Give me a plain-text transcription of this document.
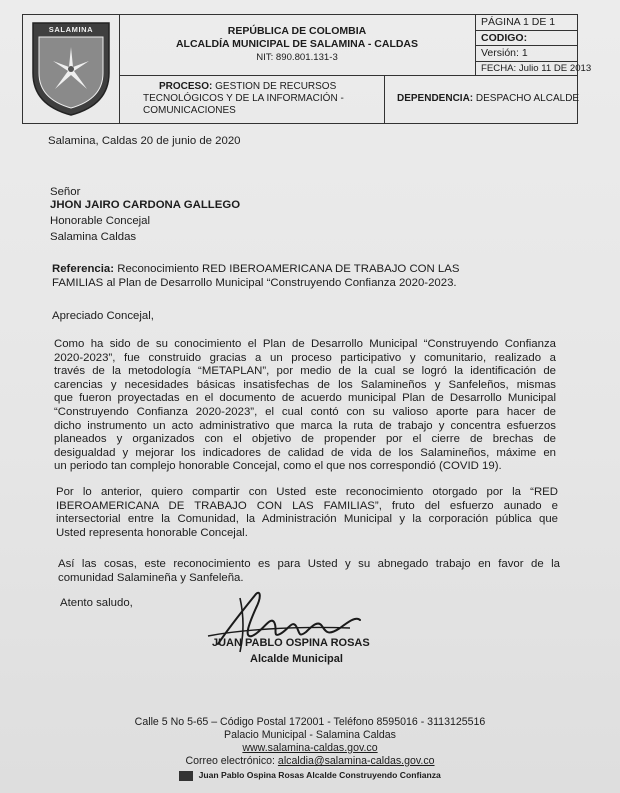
SALAMINA	REPÚBLICA DE COLOMBIA
ALCALDÍA MUNICIPAL DE SALAMINA - CALDAS
NIT: 890.801.131-3
PÁGINA 1 DE 1
CODIGO:
Versión: 1
FECHA: Julio 11 DE 2013
PROCESO: GESTION DE RECURSOS
TECNOLÓGICOS Y DE LA INFORMACIÓN -
COMUNICACIONES
DEPENDENCIA: DESPACHO ALCALDE
Salamina, Caldas 20 de junio de 2020
Señor
JHON JAIRO CARDONA GALLEGO
Honorable Concejal
Salamina Caldas
Referencia: Reconocimiento RED IBEROAMERICANA DE TRABAJO CON LAS
FAMILIAS al Plan de Desarrollo Municipal “Construyendo Confianza 2020-2023.
Apreciado Concejal,
Como ha sido de su conocimiento el Plan de Desarrollo Municipal “Construyendo Confianza
2020-2023”, fue construido gracias a un proceso participativo y comunitario, realizado a
través de la metodología “METAPLAN”, por medio de la cual se logró la identificación de
carencias y necesidades básicas insatisfechas de los Salamineños y Sanfeleños, mismas
que fueron proyectadas en el documento de acuerdo municipal Plan de Desarrollo Municipal
“Construyendo Confianza 2020-2023”, el cual contó con su valioso aporte para hacer de
dicho instrumento un acto administrativo que marca la ruta de trabajo y concentra esfuerzos
planeados y organizados con el objetivo de propender por el cierre de brechas de
desigualdad y mejorar los indicadores de calidad de vida de los Salamineños, máxime en
un periodo tan complejo honorable Concejal, como el que nos correspondió (COVID 19).
Por lo anterior, quiero compartir con Usted este reconocimiento otorgado por la “RED
IBEROAMERICANA DE TRABAJO CON LAS FAMILIAS”, fruto del esfuerzo aunado e
intersectorial entre la Comunidad, la Administración Municipal y la corporación pública que
Usted representa honorable Concejal.
Así las cosas, este reconocimiento es para Usted y su abnegado trabajo en favor de la
comunidad Salamineña y Sanfeleña.
Atento saludo,
JUAN PABLO OSPINA ROSAS
Alcalde Municipal
Calle 5 No 5-65 – Código Postal 172001 - Teléfono 8595016 - 3113125516
Palacio Municipal - Salamina Caldas
www.salamina-caldas.gov.co
Correo electrónico: alcaldia@salamina-caldas.gov.co
Juan Pablo Ospina Rosas Alcalde Construyendo Confianza
